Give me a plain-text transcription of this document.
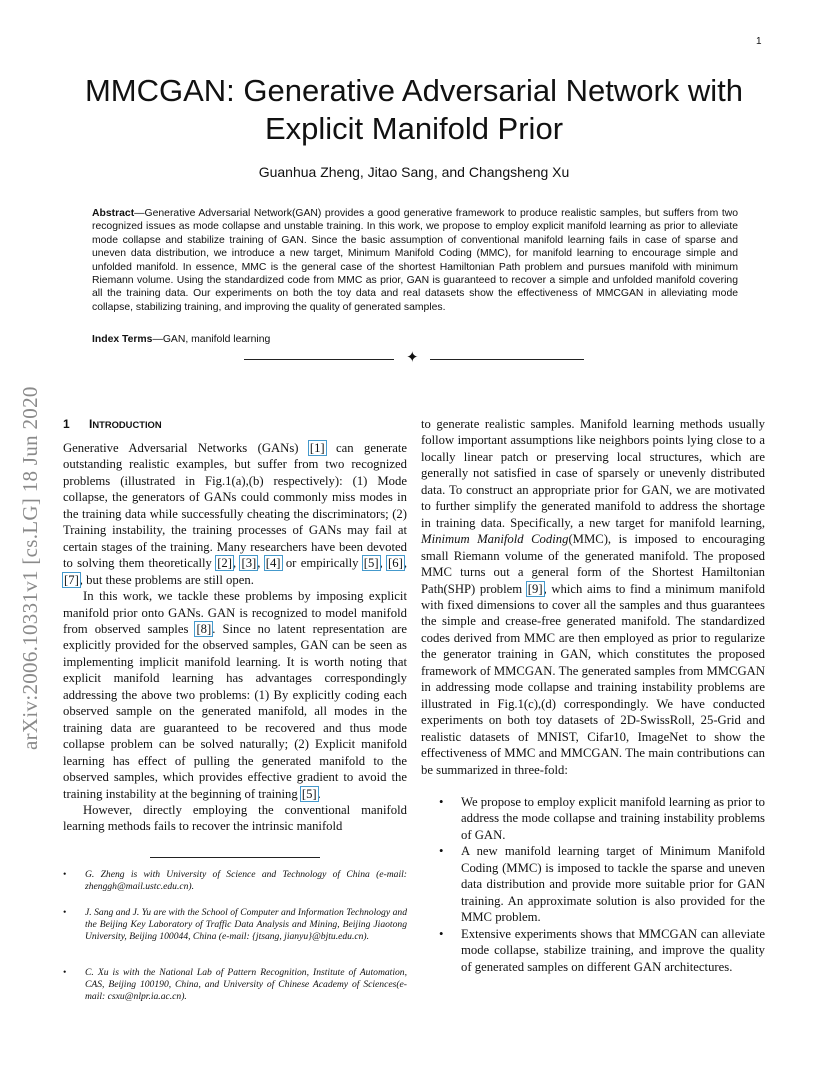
1
arXiv:2006.10331v1 [cs.LG] 18 Jun 2020
MMCGAN: Generative Adversarial Network with
Explicit Manifold Prior
Guanhua Zheng, Jitao Sang, and Changsheng Xu

Abstract—Generative Adversarial Network(GAN) provides a good generative framework to produce realistic samples, but suffers from two recognized issues as mode collapse and unstable training. In this work, we propose to employ explicit manifold learning as prior to alleviate mode collapse and stabilize training of GAN. Since the basic assumption of conventional manifold learning fails in case of sparse and uneven data distribution, we introduce a new target, Minimum Manifold Coding (MMC), for manifold learning to encourage simple and unfolded manifold. In essence, MMC is the general case of the shortest Hamiltonian Path problem and pursues manifold with minimum Riemann volume. Using the standardized code from MMC as prior, GAN is guaranteed to recover a simple and unfolded manifold covering all the training data. Our experiments on both the toy data and real datasets show the effectiveness of MMCGAN in alleviating mode collapse, stabilizing training, and improving the quality of generated samples.

Index Terms—GAN, manifold learning
✦
1 INTRODUCTION

Generative Adversarial Networks (GANs) [1] can generate outstanding realistic examples, but suffer from two recognized problems (illustrated in Fig.1(a),(b) respectively): (1) Mode collapse, the generators of GANs could commonly miss modes in the training data while successfully cheating the discriminators; (2) Training instability, the training processes of GANs may fail at certain stages of the training. Many researchers have been devoted to solving them theoretically [2], [3], [4] or empirically [5], [6], [7], but these problems are still open.

In this work, we tackle these problems by imposing explicit manifold prior onto GANs. GAN is recognized to model manifold from observed samples [8]. Since no latent representation are explicitly provided for the observed samples, GAN can be seen as implementing implicit manifold learning. It is worth noting that explicit manifold learning has advantages correspondingly addressing the above two problems: (1) By explicitly coding each observed sample on the generated manifold, all modes in the training data are guaranteed to be recovered and thus mode collapse problem can be solved naturally; (2) Explicit manifold learning has effect of pulling the generated manifold to the observed samples, which provides effective gradient to avoid the training instability at the beginning of training [5].

However, directly employing the conventional manifold learning methods fails to recover the intrinsic manifold

• G. Zheng is with University of Science and Technology of China (e-mail: zhenggh@mail.ustc.edu.cn).
• J. Sang and J. Yu are with the School of Computer and Information Technology and the Beijing Key Laboratory of Traffic Data Analysis and Mining, Beijing Jiaotong University, Beijing 100044, China (e-mail: {jtsang, jianyu}@bjtu.edu.cn).
• C. Xu is with the National Lab of Pattern Recognition, Institute of Automation, CAS, Beijing 100190, China, and University of Chinese Academy of Sciences(e-mail: csxu@nlpr.ia.ac.cn).

to generate realistic samples. Manifold learning methods usually follow important assumptions like neighbors points lying close to a locally linear patch or preserving local structures, which are generally not satisfied in case of sparsely or unevenly distributed data. To construct an appropriate prior for GAN, we are motivated to further simplify the generated manifold to address the shortage in training data. Specifically, a new target for manifold learning, Minimum Manifold Coding(MMC), is imposed to encouraging small Riemann volume of the generated manifold. The proposed MMC turns out a general form of the Shortest Hamiltonian Path(SHP) problem [9], which aims to find a minimum manifold with fixed dimensions to cover all the samples and thus guarantees the simple and crease-free generated manifold. The standardized codes derived from MMC are then employed as prior to regularize the generator training in GAN, which constitutes the proposed framework of MMCGAN. The generated samples from MMCGAN in addressing mode collapse and training instability problems are illustrated in Fig.1(c),(d) correspondingly. We have conducted experiments on both toy datasets of 2D-SwissRoll, 25-Grid and realistic datasets of MNIST, Cifar10, ImageNet to show the effectiveness of MMC and MMCGAN. The main contributions can be summarized in three-fold:

• We propose to employ explicit manifold learning as prior to address the mode collapse and training instability problems of GAN.
• A new manifold learning target of Minimum Manifold Coding (MMC) is imposed to tackle the sparse and uneven data distribution and provide more suitable prior for GAN training. An approximate solution is also provided for the MMC problem.
• Extensive experiments shows that MMCGAN can alleviate mode collapse, stabilize training, and improve the quality of generated samples on different GAN architectures.
